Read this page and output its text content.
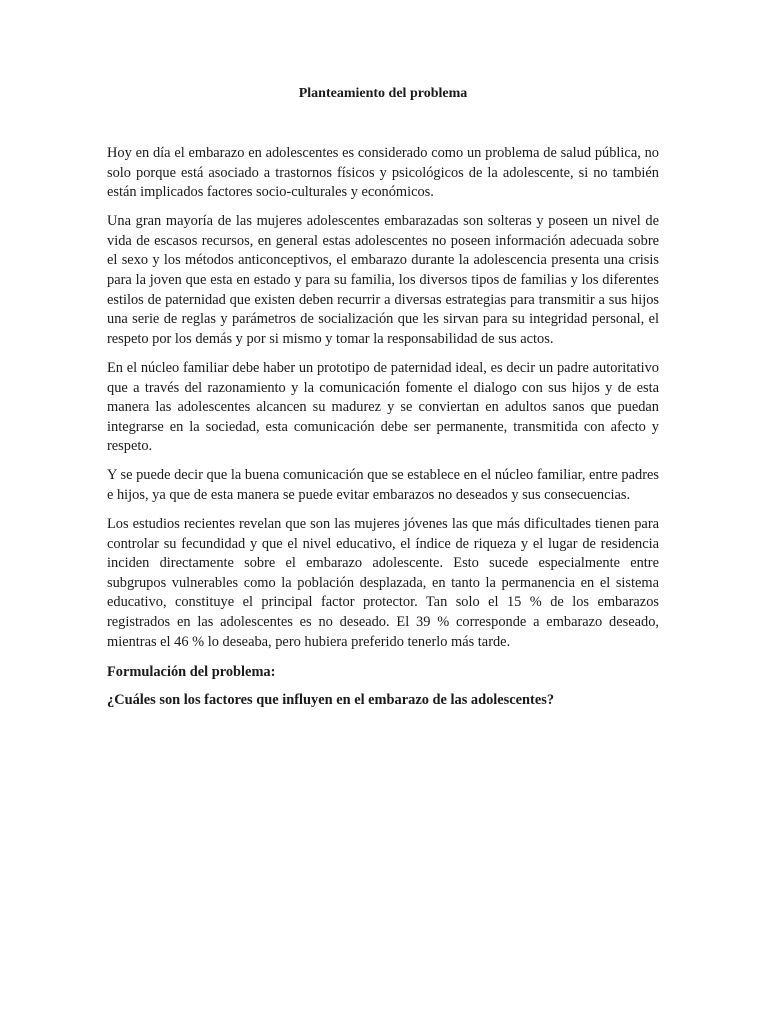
Planteamiento del problema

Hoy en día el embarazo en adolescentes es considerado como un problema de salud pública, no solo porque está asociado a trastornos físicos y psicológicos de la adolescente, si no también están implicados factores socio-culturales y económicos.

Una gran mayoría de las mujeres adolescentes embarazadas son solteras y poseen un nivel de vida de escasos recursos, en general estas adolescentes no poseen información adecuada sobre el sexo y los métodos anticonceptivos, el embarazo durante la adolescencia presenta una crisis para la joven que esta en estado y para su familia, los diversos tipos de familias y los diferentes estilos de paternidad que existen deben recurrir a diversas estrategias para transmitir a sus hijos una serie de reglas y parámetros de socialización que les sirvan para su integridad personal, el respeto por los demás y por si mismo y tomar la responsabilidad de sus actos.

En el núcleo familiar debe haber un prototipo de paternidad ideal, es decir un padre autoritativo que a través del razonamiento y la comunicación fomente el dialogo con sus hijos y de esta manera las adolescentes alcancen su madurez y se conviertan en adultos sanos que puedan integrarse en la sociedad, esta comunicación debe ser permanente, transmitida con afecto y respeto.

Y se puede decir que la buena comunicación que se establece en el núcleo familiar, entre padres e hijos, ya que de esta manera se puede evitar embarazos no deseados y sus consecuencias.

Los estudios recientes revelan que son las mujeres jóvenes las que más dificultades tienen para controlar su fecundidad y que el nivel educativo, el índice de riqueza y el lugar de residencia inciden directamente sobre el embarazo adolescente. Esto sucede especialmente entre subgrupos vulnerables como la población desplazada, en tanto la permanencia en el sistema educativo, constituye el principal factor protector. Tan solo el 15 % de los embarazos registrados en las adolescentes es no deseado. El 39 % corresponde a embarazo deseado, mientras el 46 % lo deseaba, pero hubiera preferido tenerlo más tarde.

Formulación del problema:

¿Cuáles son los factores que influyen en el embarazo de las adolescentes?
